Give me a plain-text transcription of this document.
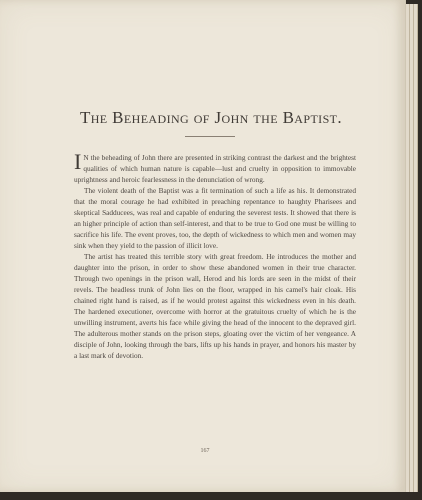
The Beheading of John the Baptist.

I N the beheading of John there are presented in striking contrast the darkest and the brightest qualities of which human nature is capable—lust and cruelty in opposition to immovable uprightness and heroic fearlessness in the denunciation of wrong.

The violent death of the Baptist was a fit termination of such a life as his. It demonstrated that the moral courage he had exhibited in preaching repentance to haughty Pharisees and skeptical Sadducees, was real and capable of enduring the severest tests. It showed that there is an higher principle of action than self-interest, and that to be true to God one must be willing to sacrifice his life. The event proves, too, the depth of wickedness to which men and women may sink when they yield to the passion of illicit love.

The artist has treated this terrible story with great freedom. He introduces the mother and daughter into the prison, in order to show these abandoned women in their true character. Through two openings in the prison wall, Herod and his lords are seen in the midst of their revels. The headless trunk of John lies on the floor, wrapped in his camel's hair cloak. His chained right hand is raised, as if he would protest against this wickedness even in his death. The hardened executioner, overcome with horror at the gratuitous cruelty of which he is the unwilling instrument, averts his face while giving the head of the innocent to the depraved girl. The adulterous mother stands on the prison steps, gloating over the victim of her vengeance. A disciple of John, looking through the bars, lifts up his hands in prayer, and honors his master by a last mark of devotion.

167
